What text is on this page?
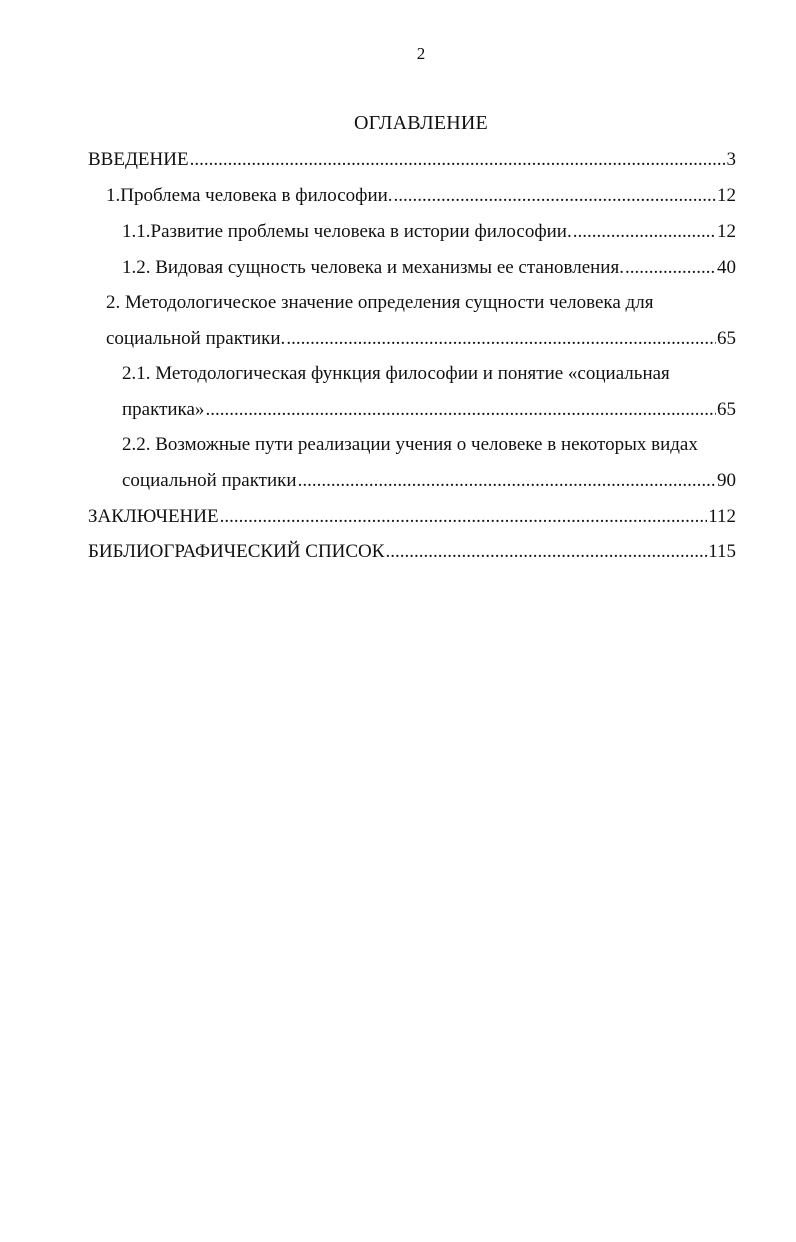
2
ОГЛАВЛЕНИЕ
ВВЕДЕНИЕ .....	3
1.Проблема человека в философии. .....	12
1.1.Развитие проблемы человека в истории философии. .....	12
1.2. Видовая сущность человека и механизмы ее становления. .....	40
2. Методологическое значение определения сущности человека для
социальной практики. .....	65
2.1. Методологическая функция философии и понятие «социальная
практика» .....	65
2.2. Возможные пути реализации учения о человеке в некоторых видах
социальной практики .....	90
ЗАКЛЮЧЕНИЕ .....	112
БИБЛИОГРАФИЧЕСКИЙ СПИСОК .....	115
